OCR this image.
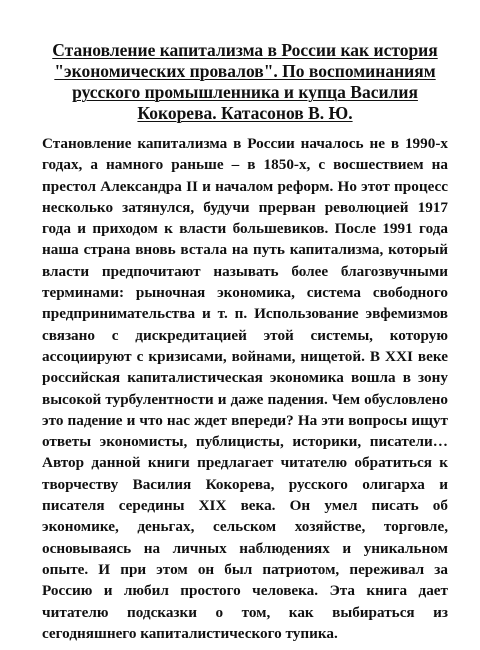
Становление капитализма в России как история "экономических провалов". По воспоминаниям русского промышленника и купца Василия Кокорева. Катасонов В. Ю.

Становление капитализма в России началось не в 1990-х годах, а намного раньше – в 1850-х, с восшествием на престол Александра II и началом реформ. Но этот процесс несколько затянулся, будучи прерван революцией 1917 года и приходом к власти большевиков. После 1991 года наша страна вновь встала на путь капитализма, который власти предпочитают называть более благозвучными терминами: рыночная экономика, система свободного предпринимательства и т. п. Использование эвфемизмов связано с дискредитацией этой системы, которую ассоциируют с кризисами, войнами, нищетой. В XXI веке российская капиталистическая экономика вошла в зону высокой турбулентности и даже падения. Чем обусловлено это падение и что нас ждет впереди? На эти вопросы ищут ответы экономисты, публицисты, историки, писатели… Автор данной книги предлагает читателю обратиться к творчеству Василия Кокорева, русского олигарха и писателя середины XIX века. Он умел писать об экономике, деньгах, сельском хозяйстве, торговле, основываясь на личных наблюдениях и уникальном опыте. И при этом он был патриотом, переживал за Россию и любил простого человека. Эта книга дает читателю подсказки о том, как выбираться из сегодняшнего капиталистического тупика.
